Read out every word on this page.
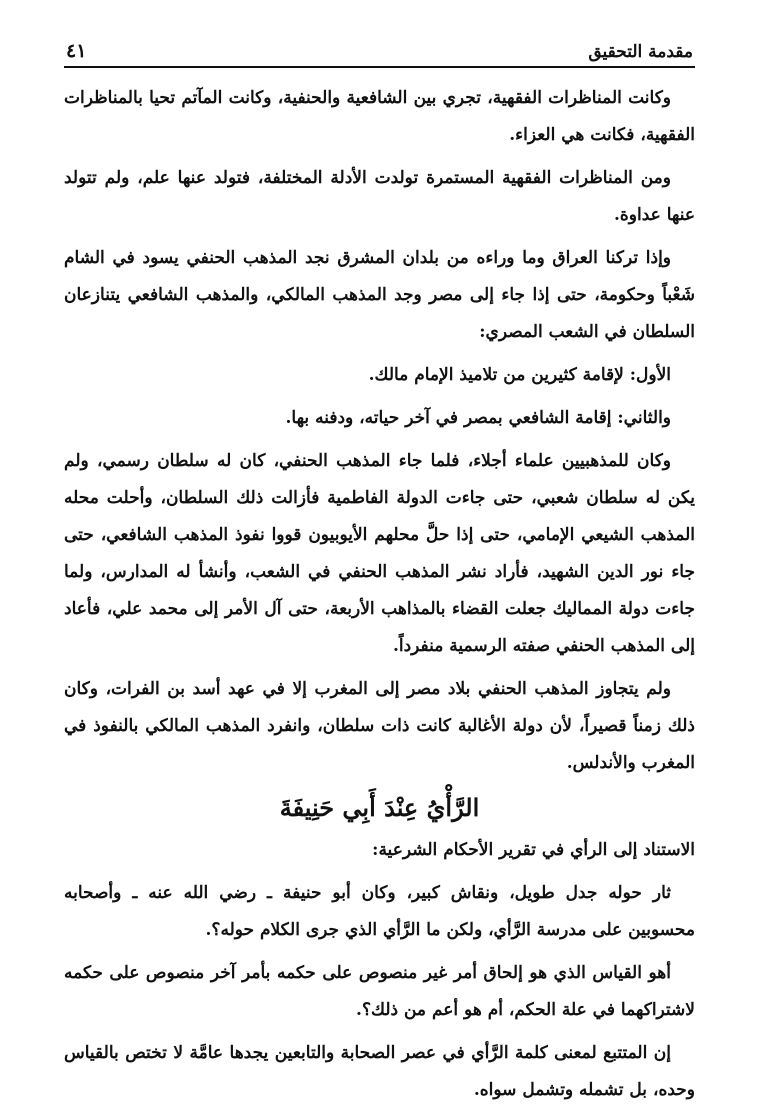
مقدمة التحقيق
٤١

وكانت المناظرات الفقهية، تجري بين الشافعية والحنفية، وكانت المآتم تحيا بالمناظرات الفقهية، فكانت هي العزاء.

ومن المناظرات الفقهية المستمرة تولدت الأدلة المختلفة، فتولد عنها علم، ولم تتولد عنها عداوة.

وإذا تركنا العراق وما وراءه من بلدان المشرق نجد المذهب الحنفي يسود في الشام شَعْباً وحكومة، حتى إذا جاء إلى مصر وجد المذهب المالكي، والمذهب الشافعي يتنازعان السلطان في الشعب المصري:

الأول: لإقامة كثيرين من تلاميذ الإمام مالك.

والثاني: إقامة الشافعي بمصر في آخر حياته، ودفنه بها.

وكان للمذهبيين علماء أجلاء، فلما جاء المذهب الحنفي، كان له سلطان رسمي، ولم يكن له سلطان شعبي، حتى جاءت الدولة الفاطمية فأزالت ذلك السلطان، وأحلت محله المذهب الشيعي الإمامي، حتى إذا حلَّ محلهم الأيوبيون قووا نفوذ المذهب الشافعي، حتى جاء نور الدين الشهيد، فأراد نشر المذهب الحنفي في الشعب، وأنشأ له المدارس، ولما جاءت دولة المماليك جعلت القضاء بالمذاهب الأربعة، حتى آل الأمر إلى محمد علي، فأعاد إلى المذهب الحنفي صفته الرسمية منفرداً.

ولم يتجاوز المذهب الحنفي بلاد مصر إلى المغرب إلا في عهد أسد بن الفرات، وكان ذلك زمناً قصيراً، لأن دولة الأغالبة كانت ذات سلطان، وانفرد المذهب المالكي بالنفوذ في المغرب والأندلس.

الرَّأْيُ عِنْدَ أَبِي حَنِيفَةَ

الاستناد إلى الرأي في تقرير الأحكام الشرعية:

ثار حوله جدل طويل، ونقاش كبير، وكان أبو حنيفة ـ رضي الله عنه ـ وأصحابه محسوبين على مدرسة الرَّأي، ولكن ما الرَّأي الذي جرى الكلام حوله؟.

أهو القياس الذي هو إلحاق أمر غير منصوص على حكمه بأمر آخر منصوص على حكمه لاشتراكهما في علة الحكم، أم هو أعم من ذلك؟.

إن المتتبع لمعنى كلمة الرَّأي في عصر الصحابة والتابعين يجدها عامَّة لا تختص بالقياس وحده، بل تشمله وتشمل سواه.
